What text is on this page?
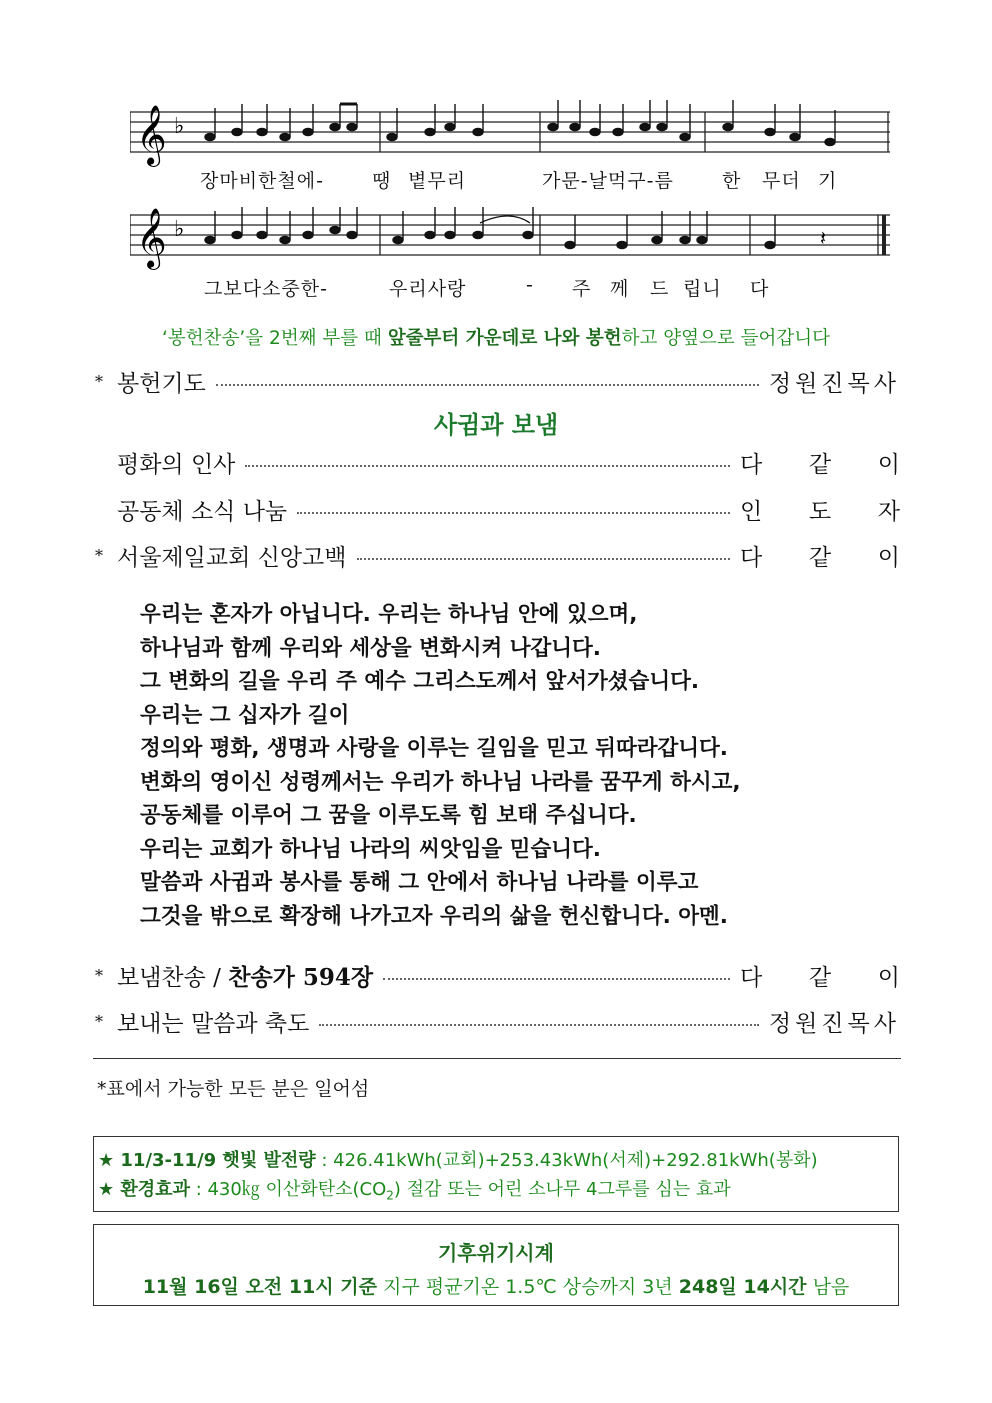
𝄞 ♭
장마비한철에-	땡 볕무리	가문-날먹구-름	한 무더 기
𝄞 ♭	𝄽
그보다소중한-	우리사랑	- 주 께 드 립니 다
‘봉헌찬송’을 2번째 부를 때 앞줄부터 가운데로 나와 봉헌하고 양옆으로 들어갑니다
* 봉헌기도	정원진목사
사귐과 보냄
평화의 인사	다 같 이
공동체 소식 나눔	인 도 자
* 서울제일교회 신앙고백	다 같 이
우리는 혼자가 아닙니다. 우리는 하나님 안에 있으며,
하나님과 함께 우리와 세상을 변화시켜 나갑니다.
그 변화의 길을 우리 주 예수 그리스도께서 앞서가셨습니다.
우리는 그 십자가 길이
정의와 평화, 생명과 사랑을 이루는 길임을 믿고 뒤따라갑니다.
변화의 영이신 성령께서는 우리가 하나님 나라를 꿈꾸게 하시고,
공동체를 이루어 그 꿈을 이루도록 힘 보태 주십니다.
우리는 교회가 하나님 나라의 씨앗임을 믿습니다.
말씀과 사귐과 봉사를 통해 그 안에서 하나님 나라를 이루고
그것을 밖으로 확장해 나가고자 우리의 삶을 헌신합니다. 아멘.
* 보냄찬송 / 찬송가 594장	다 같 이
* 보내는 말씀과 축도	정원진목사
*표에서 가능한 모든 분은 일어섬
★ 11/3-11/9 햇빛 발전량 : 426.41kWh(교회)+253.43kWh(서제)+292.81kWh(봉화)
★ 환경효과 : 430㎏ 이산화탄소$(CO_2)$ 절감 또는 어린 소나무 4그루를 심는 효과
기후위기시계
11월 16일 오전 11시 기준 지구 평균기온 1.5℃ 상승까지 3년 248일 14시간 남음
